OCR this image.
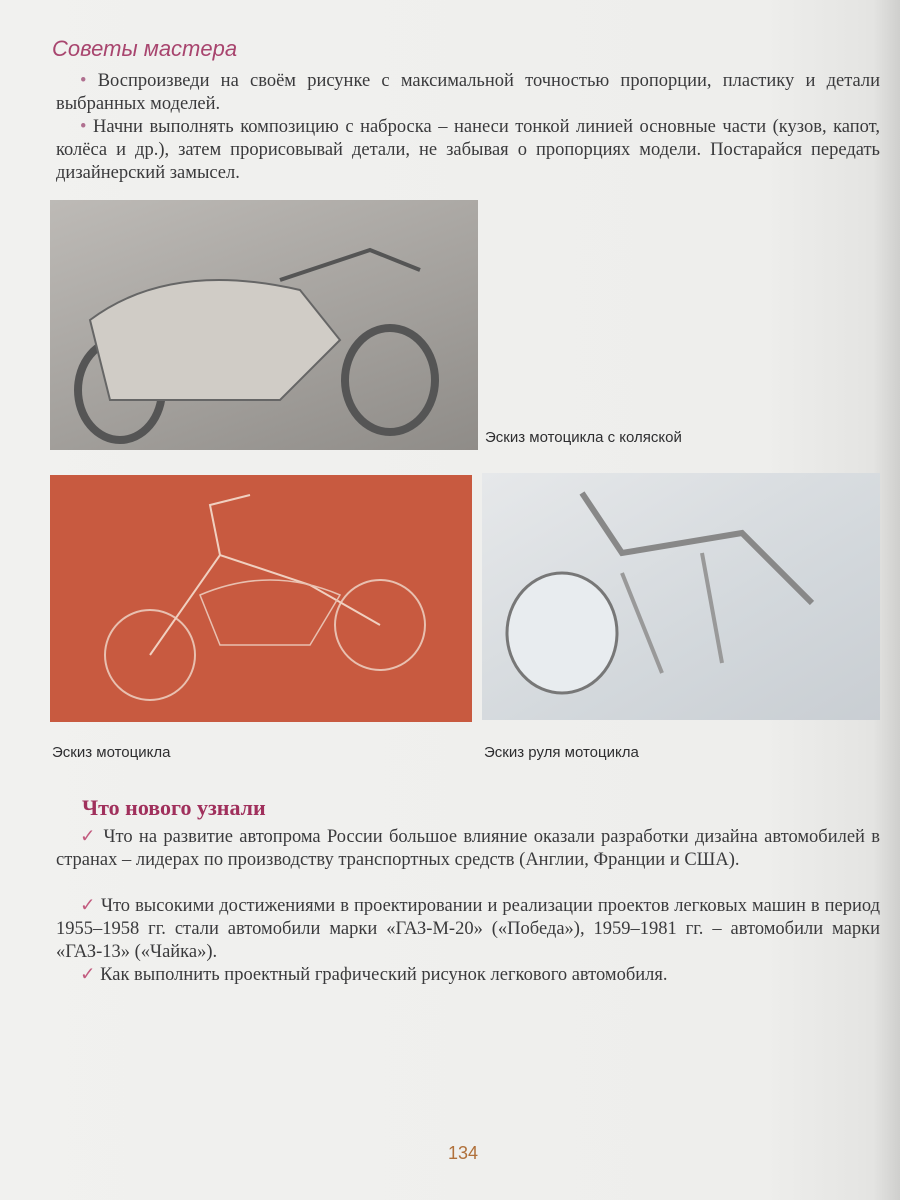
Советы мастера

• Воспроизведи на своём рисунке с максимальной точностью пропорции, пластику и детали выбранных моделей.

• Начни выполнять композицию с наброска – нанеси тонкой линией основные части (кузов, капот, колёса и др.), затем прорисовывай детали, не забывая о пропорциях модели. Постарайся передать дизайнерский замысел.

Эскиз мотоцикла с коляской
Эскиз мотоцикла	Эскиз руля мотоцикла
Что нового узнали

✓ Что на развитие автопрома России большое влияние оказали разработки дизайна автомобилей в странах – лидерах по производству транспортных средств (Англии, Франции и США).

✓ Что высокими достижениями в проектировании и реализации проектов легковых машин в период 1955–1958 гг. стали автомобили марки «ГАЗ-М-20» («Победа»), 1959–1981 гг. – автомобили марки «ГАЗ-13» («Чайка»).

✓ Как выполнить проектный графический рисунок легкового автомобиля.

134
